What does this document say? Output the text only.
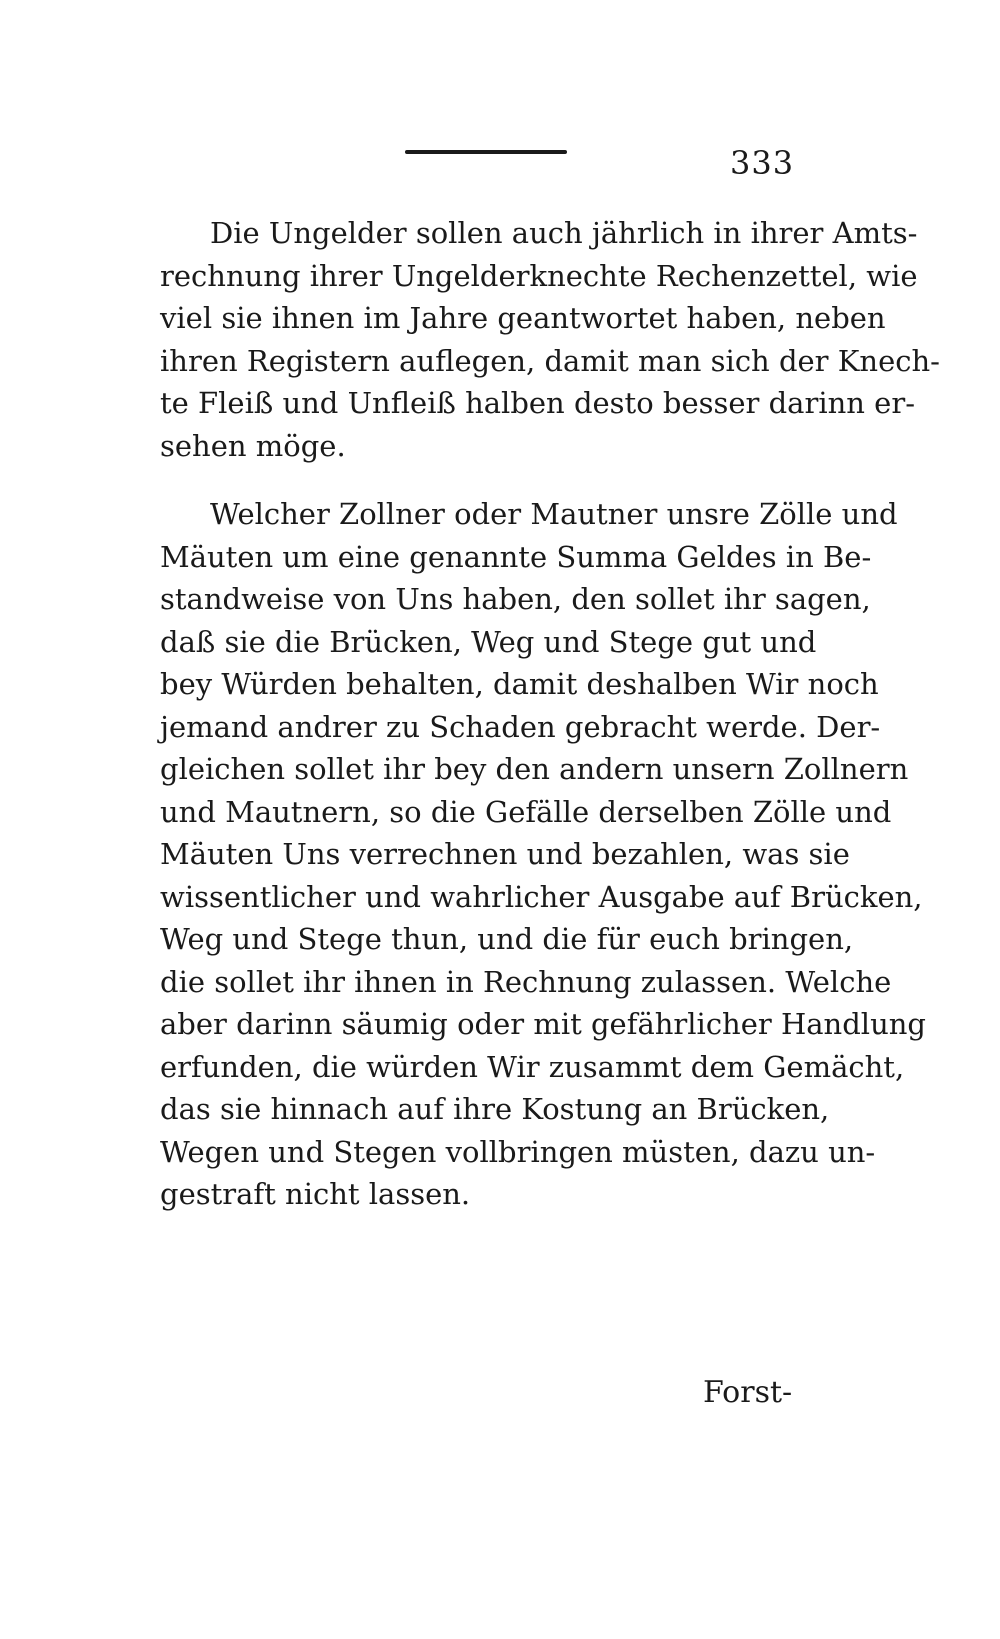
333
Die Ungelder sollen auch jährlich in ihrer Amts-
rechnung ihrer Ungelderknechte Rechenzettel, wie
viel sie ihnen im Jahre geantwortet haben, neben
ihren Registern auflegen, damit man sich der Knech-
te Fleiß und Unfleiß halben desto besser darinn er-
sehen möge.
Welcher Zollner oder Mautner unsre Zölle und
Mäuten um eine genannte Summa Geldes in Be-
standweise von Uns haben, den sollet ihr sagen,
daß sie die Brücken, Weg und Stege gut und
bey Würden behalten, damit deshalben Wir noch
jemand andrer zu Schaden gebracht werde. Der-
gleichen sollet ihr bey den andern unsern Zollnern
und Mautnern, so die Gefälle derselben Zölle und
Mäuten Uns verrechnen und bezahlen, was sie
wissentlicher und wahrlicher Ausgabe auf Brücken,
Weg und Stege thun, und die für euch bringen,
die sollet ihr ihnen in Rechnung zulassen. Welche
aber darinn säumig oder mit gefährlicher Handlung
erfunden, die würden Wir zusammt dem Gemächt,
das sie hinnach auf ihre Kostung an Brücken,
Wegen und Stegen vollbringen müsten, dazu un-
gestraft nicht lassen.
Forst-
